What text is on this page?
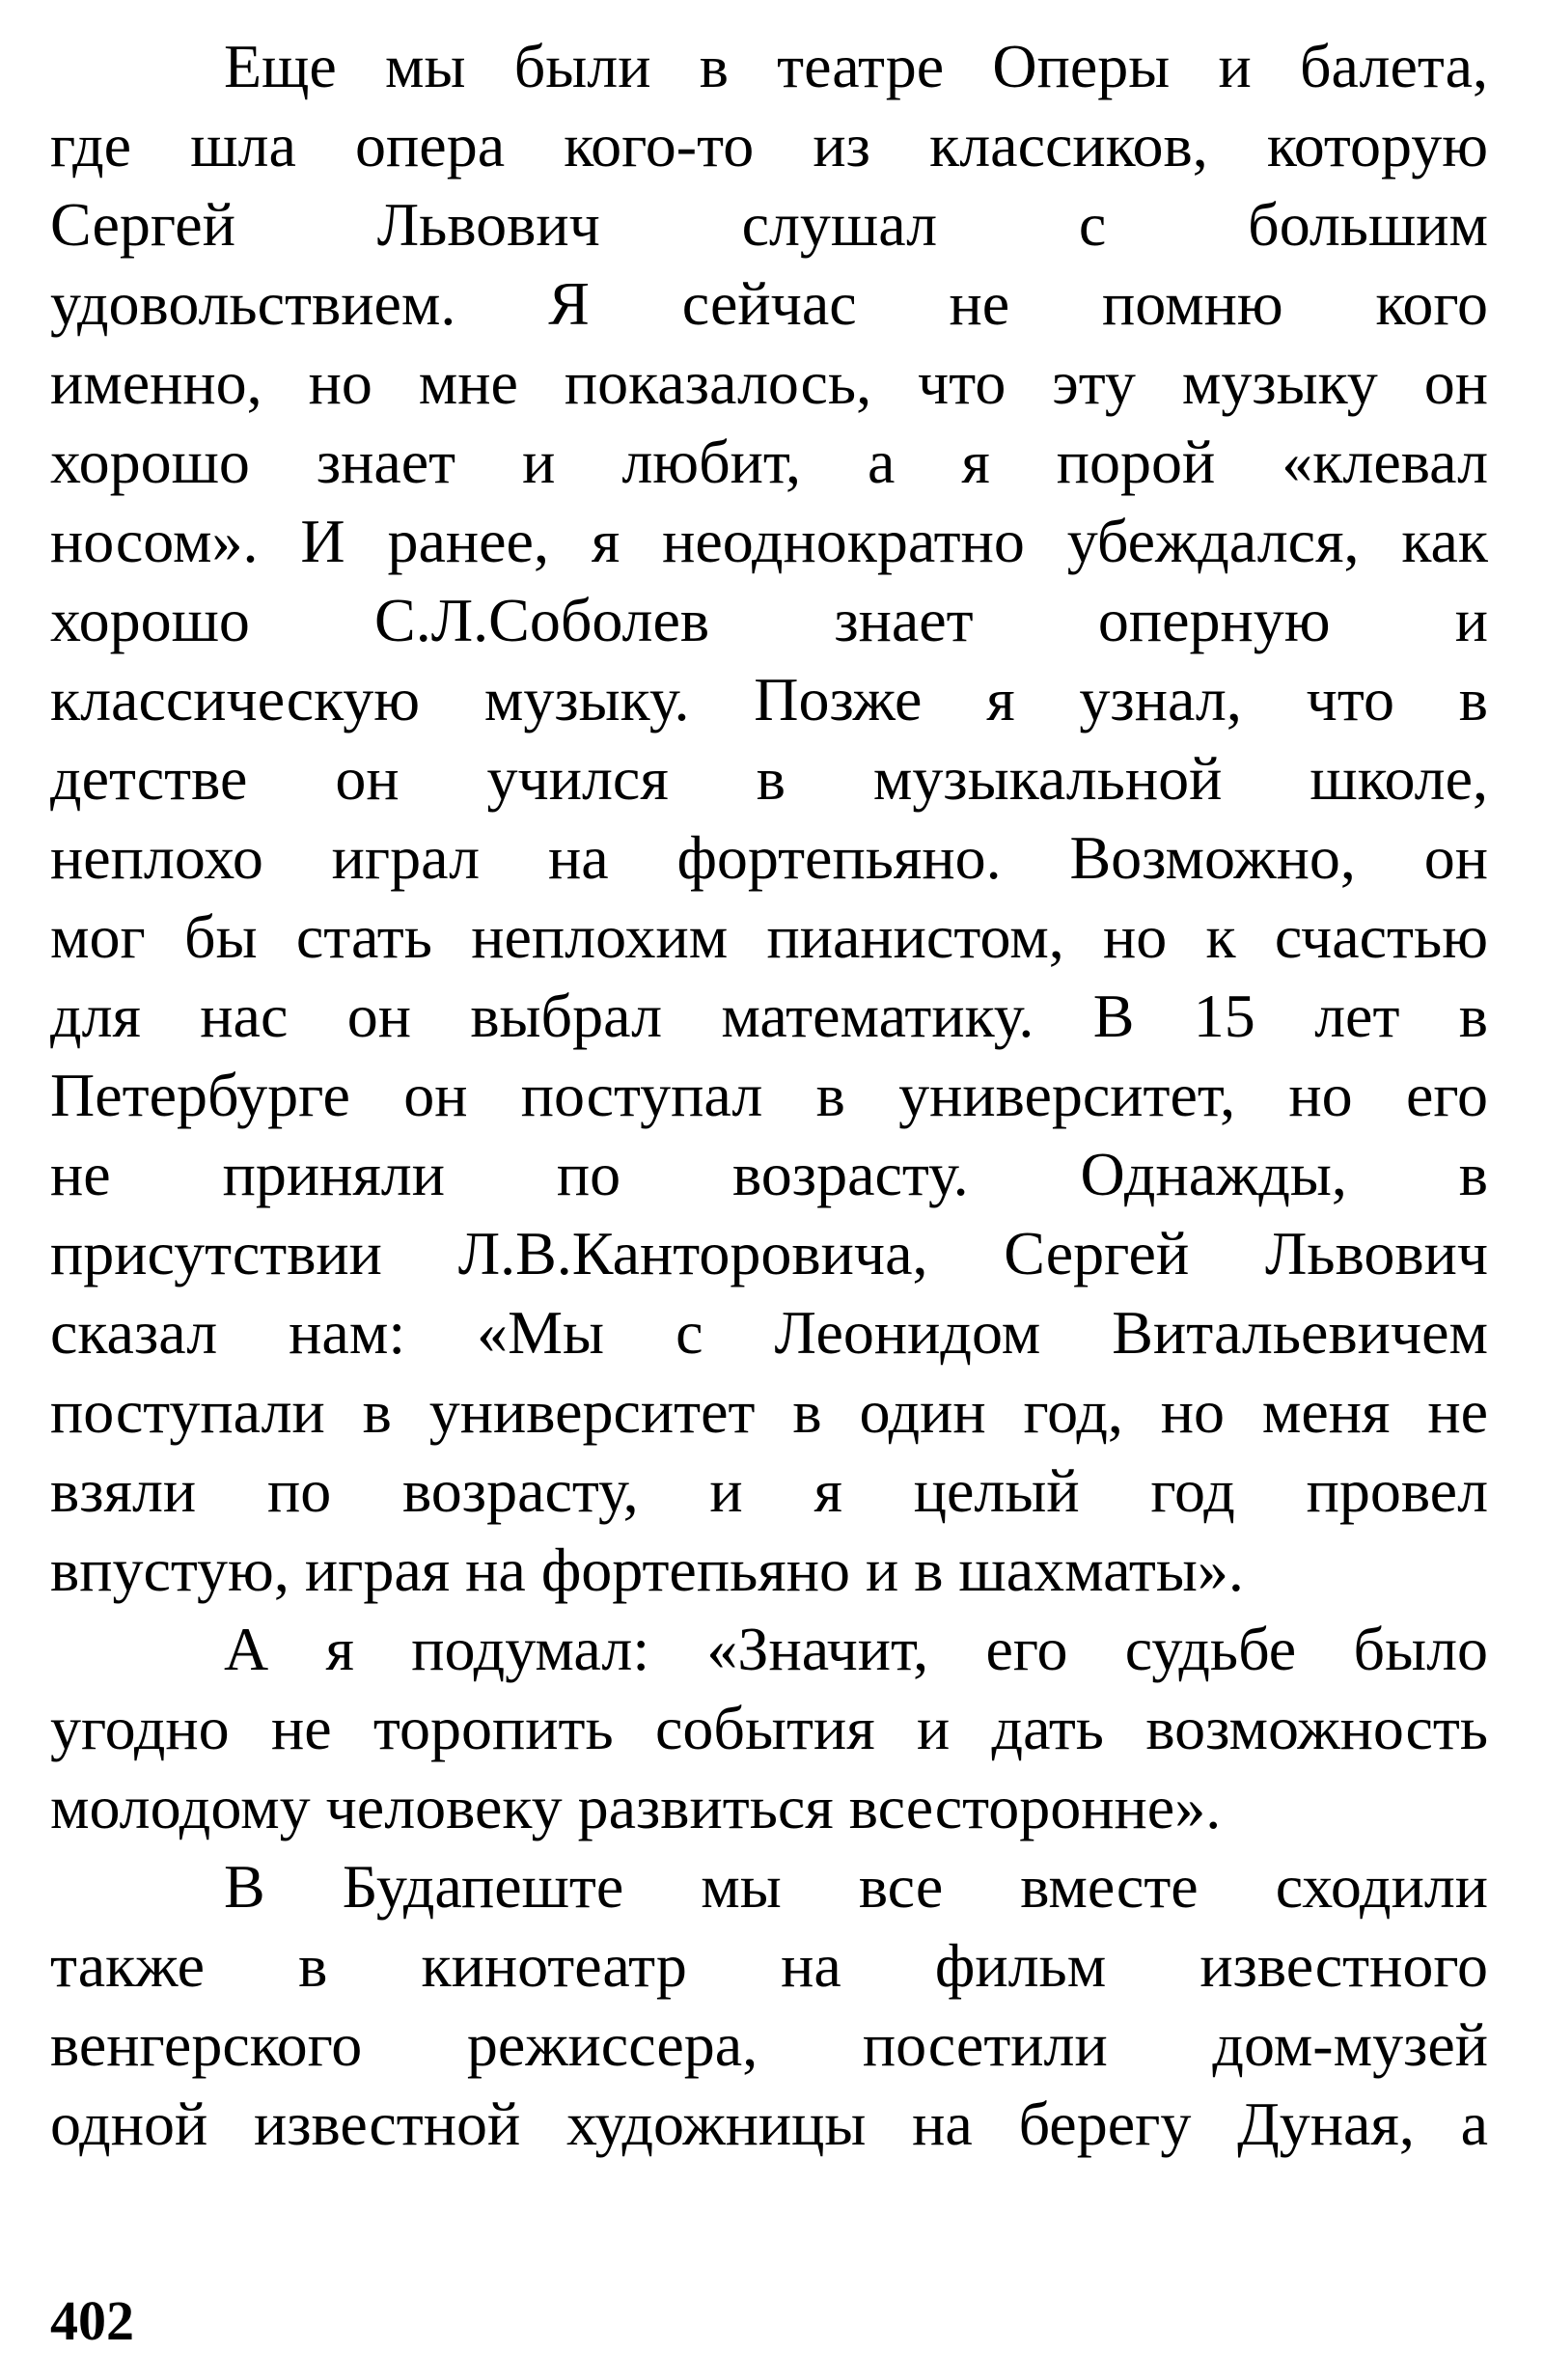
Еще мы были в театре Оперы и балета,
где шла опера кого-то из классиков, которую
Сергей Львович слушал с большим
удовольствием. Я сейчас не помню кого
именно, но мне показалось, что эту музыку он
хорошо знает и любит, а я порой «клевал
носом». И ранее, я неоднократно убеждался, как
хорошо С.Л.Соболев знает оперную и
классическую музыку. Позже я узнал, что в
детстве он учился в музыкальной школе,
неплохо играл на фортепьяно. Возможно, он
мог бы стать неплохим пианистом, но к счастью
для нас он выбрал математику. В 15 лет в
Петербурге он поступал в университет, но его
не приняли по возрасту. Однажды, в
присутствии Л.В.Канторовича, Сергей Львович
сказал нам: «Мы с Леонидом Витальевичем
поступали в университет в один год, но меня не
взяли по возрасту, и я целый год провел
впустую, играя на фортепьяно и в шахматы».
А я подумал: «Значит, его судьбе было
угодно не торопить события и дать возможность
молодому человеку развиться всесторонне».
В Будапеште мы все вместе сходили
также в кинотеатр на фильм известного
венгерского режиссера, посетили дом-музей
одной известной художницы на берегу Дуная, а
402
